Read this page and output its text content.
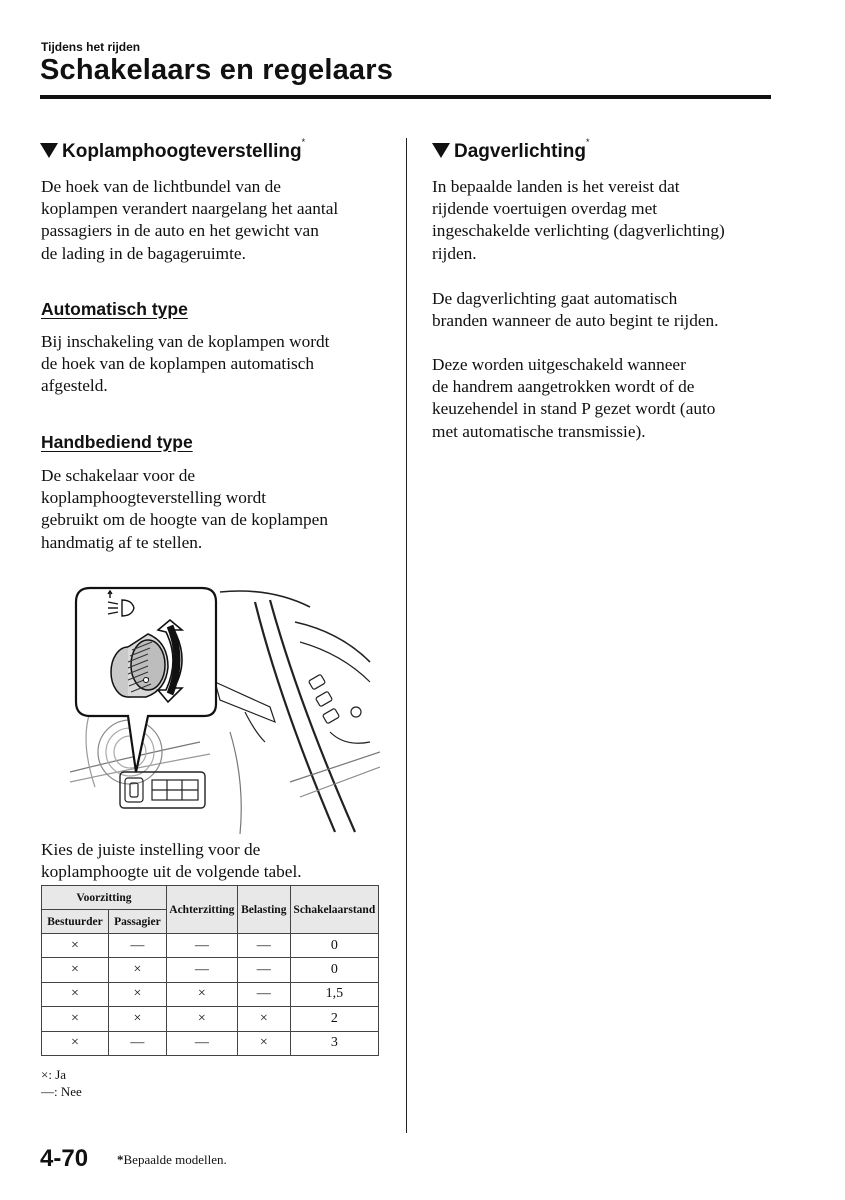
Tijdens het rijden
Schakelaars en regelaars
Koplamphoogteverstelling*
De hoek van de lichtbundel van de
koplampen verandert naargelang het aantal
passagiers in de auto en het gewicht van
de lading in de bagageruimte.
Automatisch type
Bij inschakeling van de koplampen wordt
de hoek van de koplampen automatisch
afgesteld.
Handbediend type
De schakelaar voor de
koplamphoogteverstelling wordt
gebruikt om de hoogte van de koplampen
handmatig af te stellen.
Kies de juiste instelling voor de
koplamphoogte uit de volgende tabel.
Voorzitting		Achterzitting	Belasting	Schakelaarstand
Bestuurder	Passagier			
×	—	—	—	0
×	×	—	—	0
×	×	×	—	1,5
×	×	×	×	2
×	—	—	×	3
×: Ja
—: Nee
Dagverlichting*
In bepaalde landen is het vereist dat
rijdende voertuigen overdag met
ingeschakelde verlichting (dagverlichting)
rijden.
De dagverlichting gaat automatisch
branden wanneer de auto begint te rijden.
Deze worden uitgeschakeld wanneer
de handrem aangetrokken wordt of de
keuzehendel in stand P gezet wordt (auto
met automatische transmissie).
4-70 *Bepaalde modellen.
